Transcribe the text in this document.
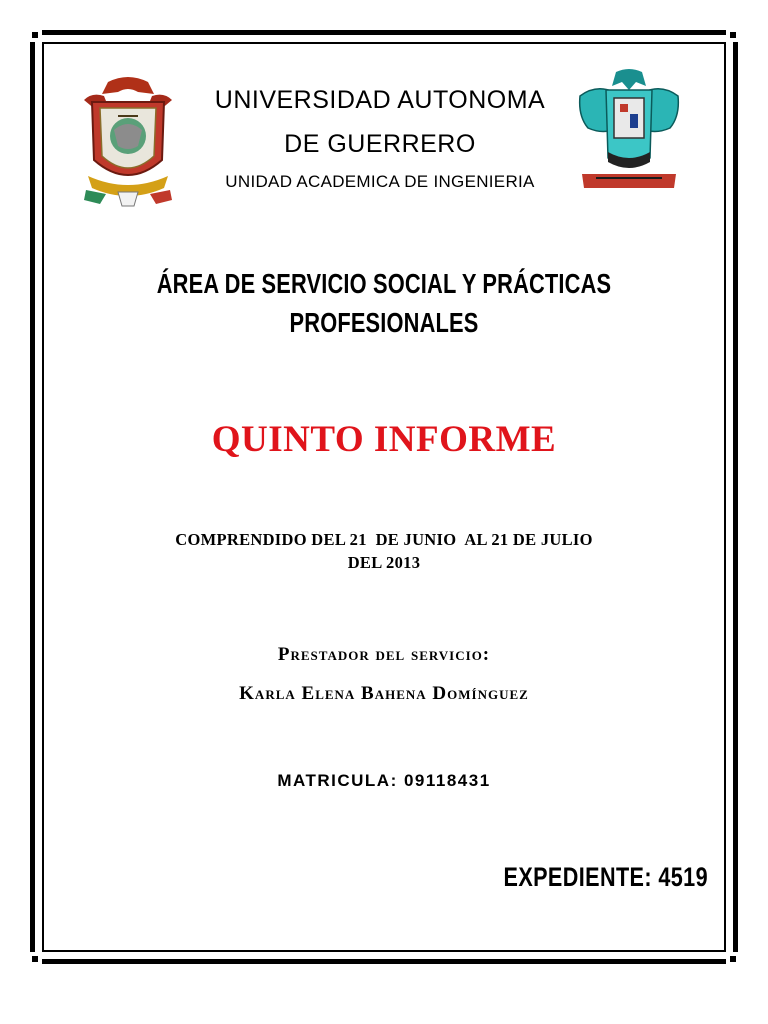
UNIVERSIDAD AUTONOMA
DE GUERRERO
UNIDAD ACADEMICA DE INGENIERIA
ÁREA DE SERVICIO SOCIAL Y PRÁCTICAS
PROFESIONALES
QUINTO INFORME
COMPRENDIDO DEL 21  DE JUNIO  AL 21 DE JULIO
DEL 2013
Prestador del servicio:
Karla Elena Bahena Domínguez
MATRICULA: 09118431
EXPEDIENTE: 4519
